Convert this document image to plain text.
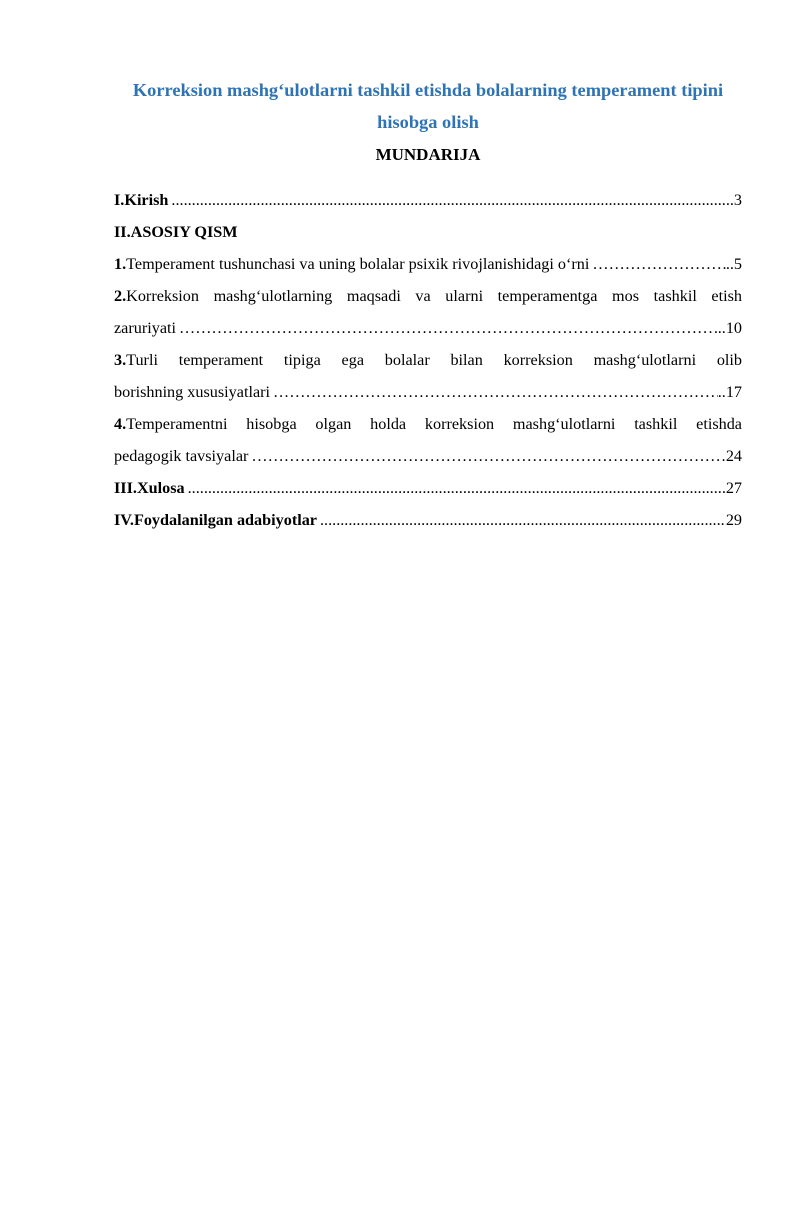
Korreksion mashg‘ulotlarni tashkil etishda bolalarning temperament tipini hisobga olish
MUNDARIJA
I.Kirish .....	3
II.ASOSIY QISM
1. Temperament tushunchasi va uning bolalar psixik rivojlanishidagi o‘rni ……………………………………………………………………………………………………………………………………………………………………………………………………………………………………………………	..5
2.Korreksion mashg‘ulotlarning maqsadi va ularni temperamentga mos tashkil etish
zaruriyati ……………………………………………………………………………………………………………………………………………………………………………………………………………………………………………………	..10
3.Turli temperament tipiga ega bolalar bilan korreksion mashg‘ulotlarni olib
borishning xususiyatlari ……………………………………………………………………………………………………………………………………………………………………………………………………………………………………………………	..17
4.Temperamentni hisobga olgan holda korreksion mashg‘ulotlarni tashkil etishda
pedagogik tavsiyalar ……………………………………………………………………………………………………………………………………………………………………………………………………………………………………………………	24
III.Xulosa .....	27
IV.Foydalanilgan adabiyotlar .....	29
